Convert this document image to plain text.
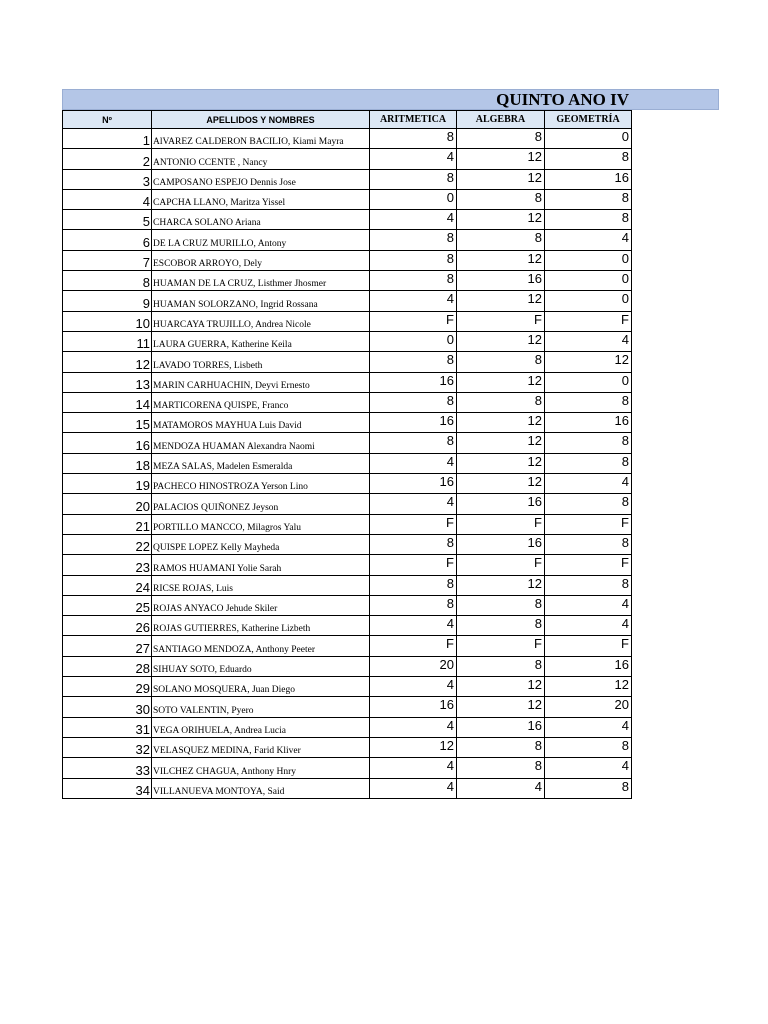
QUINTO ANO IV
Nº	APELLIDOS Y NOMBRES	ARITMETICA	ALGEBRA	GEOMETRÍA
1	AlVAREZ CALDERON BACILIO, Kiami Mayra	8	8	0
2	ANTONIO CCENTE , Nancy	4	12	8
3	CAMPOSANO ESPEJO Dennis Jose	8	12	16
4	CAPCHA LLANO, Maritza Yissel	0	8	8
5	CHARCA SOLANO Ariana	4	12	8
6	DE LA CRUZ MURILLO, Antony	8	8	4
7	ESCOBOR ARROYO, Dely	8	12	0
8	HUAMAN DE LA CRUZ, Listhmer Jhosmer	8	16	0
9	HUAMAN SOLORZANO, Ingrid Rossana	4	12	0
10	HUARCAYA TRUJILLO, Andrea Nicole	F	F	F
11	LAURA GUERRA, Katherine Keila	0	12	4
12	LAVADO TORRES, Lisbeth	8	8	12
13	MARIN CARHUACHIN, Deyvi Ernesto	16	12	0
14	MARTICORENA QUISPE, Franco	8	8	8
15	MATAMOROS MAYHUA Luis David	16	12	16
16	MENDOZA HUAMAN Alexandra Naomi	8	12	8
18	MEZA SALAS, Madelen Esmeralda	4	12	8
19	PACHECO HINOSTROZA Yerson Lino	16	12	4
20	PALACIOS QUIÑONEZ Jeyson	4	16	8
21	PORTILLO MANCCO, Milagros Yalu	F	F	F
22	QUISPE LOPEZ Kelly Mayheda	8	16	8
23	RAMOS HUAMANI Yolie Sarah	F	F	F
24	RICSE ROJAS, Luis	8	12	8
25	ROJAS ANYACO Jehude Skiler	8	8	4
26	ROJAS GUTIERRES, Katherine Lizbeth	4	8	4
27	SANTIAGO MENDOZA, Anthony Peeter	F	F	F
28	SIHUAY SOTO, Eduardo	20	8	16
29	SOLANO MOSQUERA, Juan Diego	4	12	12
30	SOTO VALENTIN, Pyero	16	12	20
31	VEGA ORIHUELA, Andrea Lucia	4	16	4
32	VELASQUEZ MEDINA, Farid Kliver	12	8	8
33	VILCHEZ CHAGUA, Anthony Hnry	4	8	4
34	VILLANUEVA MONTOYA, Said	4	4	8
